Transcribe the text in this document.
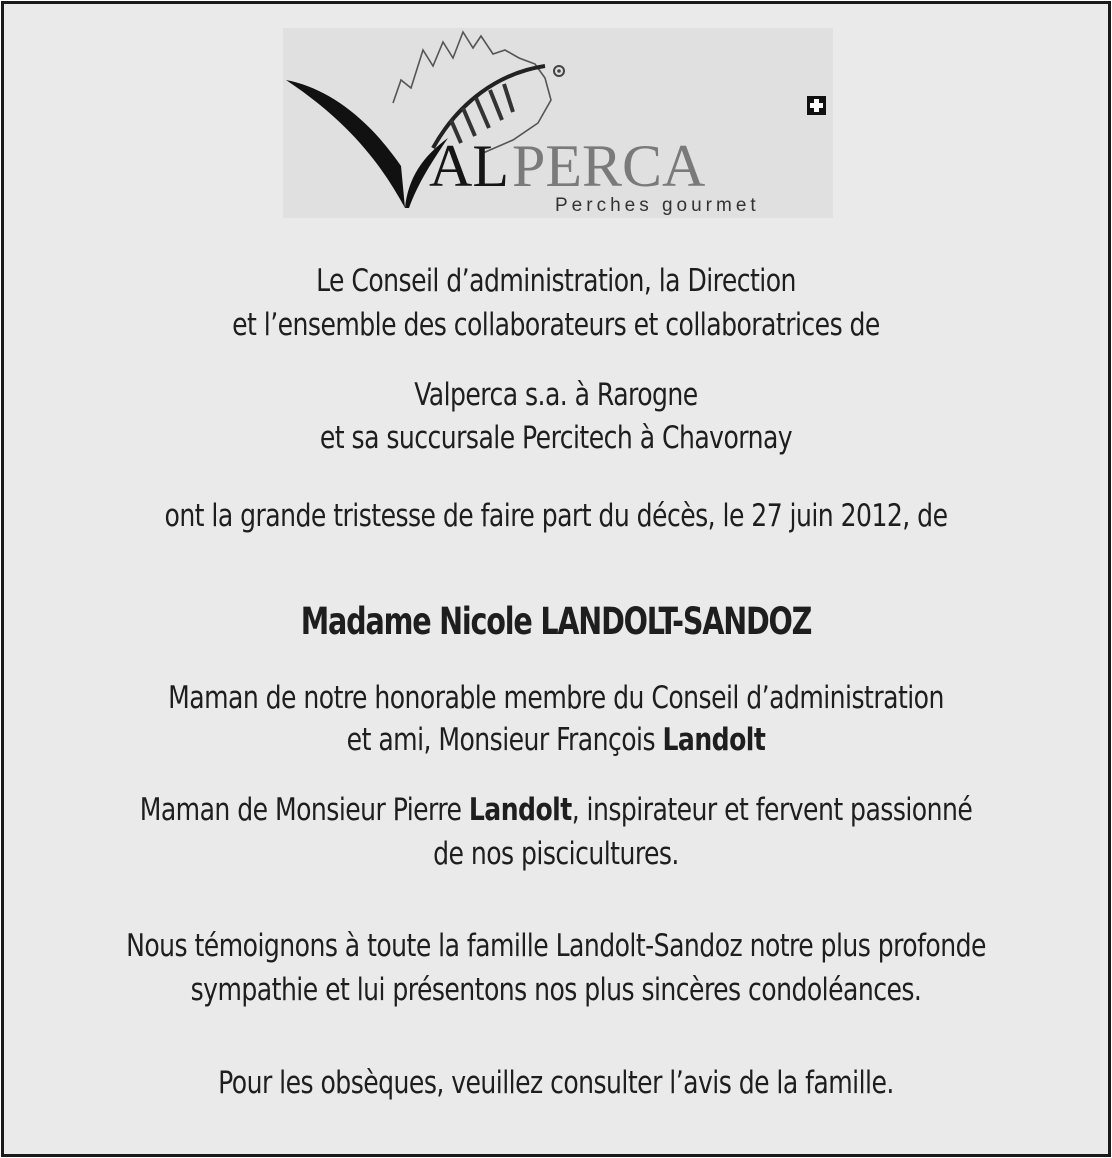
AL PERCA
Perches gourmet
Le Conseil d’administration, la Direction
et l’ensemble des collaborateurs et collaboratrices de
Valperca s.a. à Rarogne
et sa succursale Percitech à Chavornay
ont la grande tristesse de faire part du décès, le 27 juin 2012, de
Madame Nicole LANDOLT-SANDOZ
Maman de notre honorable membre du Conseil d’administration
et ami, Monsieur François Landolt
Maman de Monsieur Pierre Landolt, inspirateur et fervent passionné
de nos piscicultures.
Nous témoignons à toute la famille Landolt-Sandoz notre plus profonde
sympathie et lui présentons nos plus sincères condoléances.
Pour les obsèques, veuillez consulter l’avis de la famille.
